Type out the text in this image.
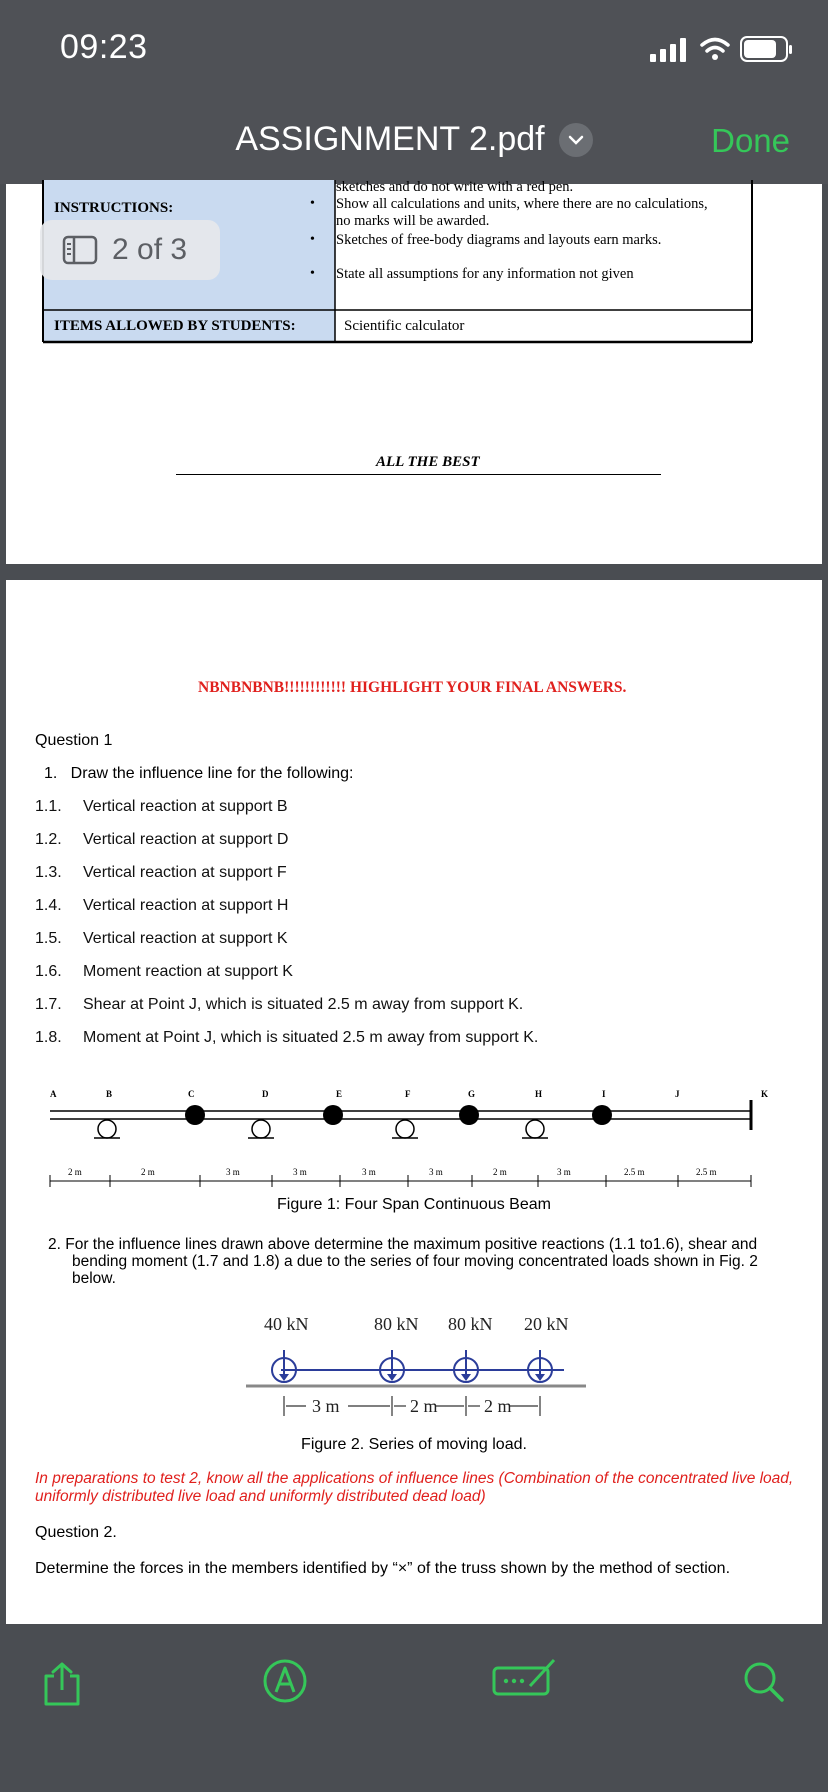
09:23
ASSIGNMENT 2.pdf	Done
INSTRUCTIONS:
sketches and do not write with a red pen.
• Show all calculations and units, where there are no calculations, no marks will be awarded.
• Sketches of free-body diagrams and layouts earn marks.
• State all assumptions for any information not given
ITEMS ALLOWED BY STUDENTS:	Scientific calculator
ALL THE BEST
2 of 3
NBNBNBNB!!!!!!!!!!!! HIGHLIGHT YOUR FINAL ANSWERS.
Question 1
1.   Draw the influence line for the following:
1.1. Vertical reaction at support B
1.2. Vertical reaction at support D
1.3. Vertical reaction at support F
1.4. Vertical reaction at support H
1.5. Vertical reaction at support K
1.6. Moment reaction at support K
1.7. Shear at Point J, which is situated 2.5 m away from support K.
1.8. Moment at Point J, which is situated 2.5 m away from support K.
A	B	C	D	E	F	G	H	I	J	K
2 m	2 m	3 m	3 m	3 m	3 m	2 m	3 m	2.5 m	2.5 m
Figure 1: Four Span Continuous Beam
2. For the influence lines drawn above determine the maximum positive reactions (1.1 to1.6), shear and bending moment (1.7 and 1.8) a due to the series of four moving concentrated loads shown in Fig. 2 below.
40 kN	80 kN 80 kN 20 kN
3 m	2 m	2 m
Figure 2. Series of moving load.
In preparations to test 2, know all the applications of influence lines (Combination of the concentrated live load, uniformly distributed live load and uniformly distributed dead load)
Question 2.
Determine the forces in the members identified by “×” of the truss shown by the method of section.
